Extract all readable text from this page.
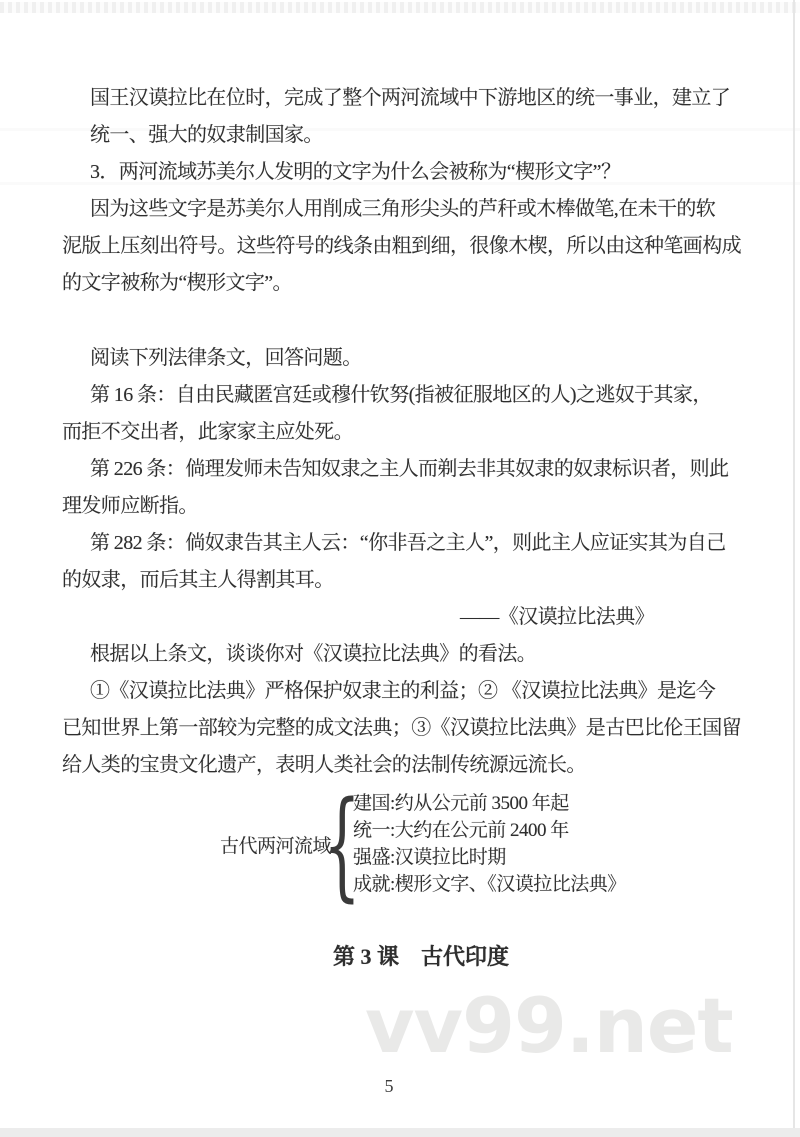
vv99.net
国王汉谟拉比在位时，完成了整个两河流域中下游地区的统一事业，建立了
统一、强大的奴隶制国家。
3．两河流域苏美尔人发明的文字为什么会被称为“楔形文字”？
因为这些文字是苏美尔人用削成三角形尖头的芦秆或木棒做笔,在未干的软
泥版上压刻出符号。这些符号的线条由粗到细，很像木楔，所以由这种笔画构成
的文字被称为“楔形文字”。
阅读下列法律条文，回答问题。
第 16 条：自由民藏匿宫廷或穆什钦努(指被征服地区的人)之逃奴于其家，
而拒不交出者，此家家主应处死。
第 226 条：倘理发师未告知奴隶之主人而剃去非其奴隶的奴隶标识者，则此
理发师应断指。
第 282 条：倘奴隶告其主人云：“你非吾之主人”，则此主人应证实其为自己
的奴隶，而后其主人得割其耳。
——《汉谟拉比法典》
根据以上条文，谈谈你对《汉谟拉比法典》的看法。
①《汉谟拉比法典》严格保护奴隶主的利益；② 《汉谟拉比法典》是迄今
已知世界上第一部较为完整的成文法典；③《汉谟拉比法典》是古巴比伦王国留
给人类的宝贵文化遗产，表明人类社会的法制传统源远流长。
古代两河流域
{
建国:约从公元前 3500 年起
统一:大约在公元前 2400 年
强盛:汉谟拉比时期
成就:楔形文字、《汉谟拉比法典》
第 3 课　古代印度
5
